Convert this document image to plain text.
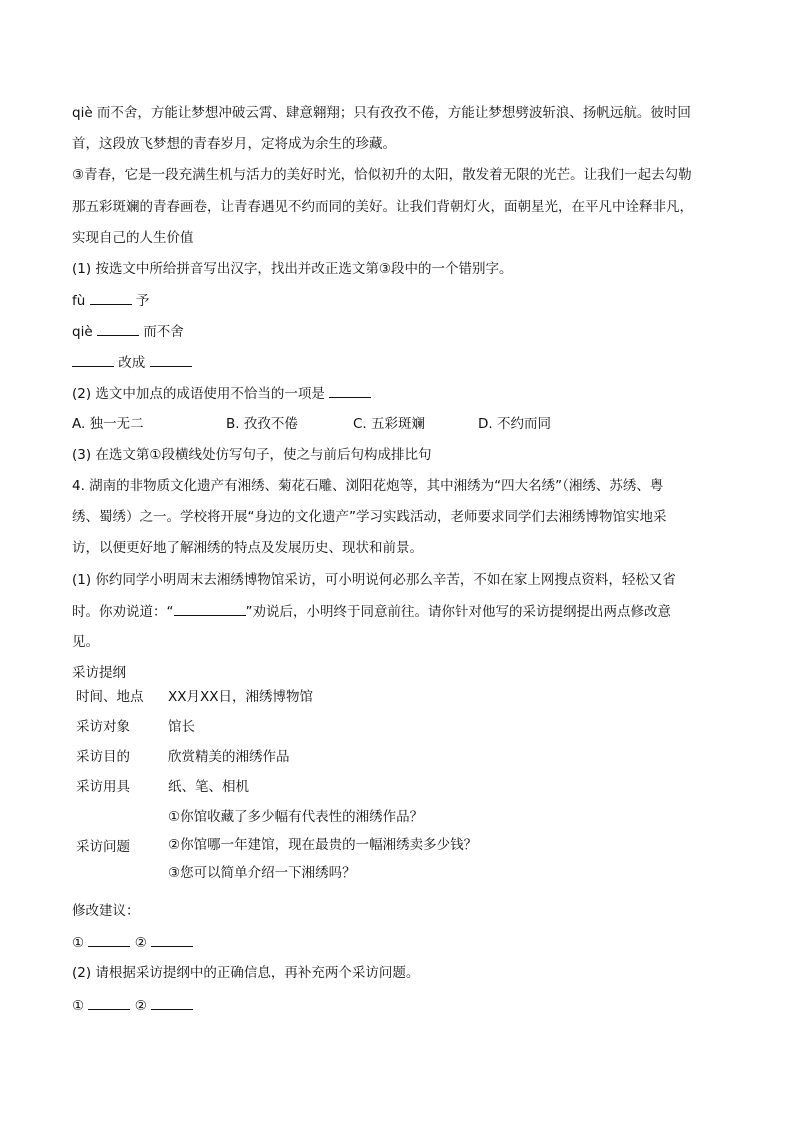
qiè 而不舍，方能让梦想冲破云霄、肆意翱翔；只有孜孜不倦，方能让梦想劈波斩浪、扬帆远航。彼时回
首，这段放飞梦想的青春岁月，定将成为余生的珍藏。
③青春，它是一段充满生机与活力的美好时光，恰似初升的太阳，散发着无限的光芒。让我们一起去勾勒
那五彩斑斓的青春画卷，让青春遇见不约而同的美好。让我们背朝灯火，面朝星光，在平凡中诠释非凡，
实现自己的人生价值
(1) 按选文中所给拼音写出汉字，找出并改正选文第③段中的一个错别字。
fù	予
qiè	而不舍
改成
(2) 选文中加点的成语使用不恰当的一项是
A. 独一无二	B. 孜孜不倦	C. 五彩斑斓	D. 不约而同
(3) 在选文第①段横线处仿写句子，使之与前后句构成排比句
4. 湖南的非物质文化遗产有湘绣、菊花石雕、浏阳花炮等，其中湘绣为“四大名绣”（湘绣、苏绣、粤
绣、蜀绣）之一。学校将开展“身边的文化遗产”学习实践活动，老师要求同学们去湘绣博物馆实地采
访，以便更好地了解湘绣的特点及发展历史、现状和前景。
(1) 你约同学小明周末去湘绣博物馆采访，可小明说何必那么辛苦，不如在家上网搜点资料，轻松又省
时。你劝说道：“	”劝说后，小明终于同意前往。请你针对他写的采访提纲提出两点修改意
见。
采访提纲
时间、地点 XX月XX日，湘绣博物馆
采访对象	馆长
采访目的	欣赏精美的湘绣作品
采访用具	纸、笔、相机
采访问题
①你馆收藏了多少幅有代表性的湘绣作品？
②你馆哪一年建馆，现在最贵的一幅湘绣卖多少钱？
③您可以简单介绍一下湘绣吗？
修改建议：
①	②
(2) 请根据采访提纲中的正确信息，再补充两个采访问题。
①	②
